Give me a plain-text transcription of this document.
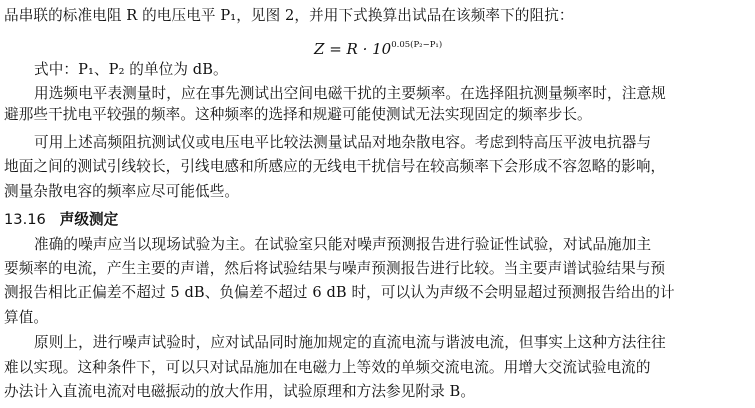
品串联的标准电阻 R 的电压电平 P₁，见图 2，并用下式换算出试品在该频率下的阻抗：
$Z = R \cdot 10^{0.05(P_2-P_1)}$
式中：P₁、P₂ 的单位为 dB。
用选频电平表测量时，应在事先测试出空间电磁干扰的主要频率。在选择阻抗测量频率时，注意规
避那些干扰电平较强的频率。这种频率的选择和规避可能使测试无法实现固定的频率步长。
可用上述高频阻抗测试仪或电压电平比较法测量试品对地杂散电容。考虑到特高压平波电抗器与
地面之间的测试引线较长，引线电感和所感应的无线电干扰信号在较高频率下会形成不容忽略的影响，
测量杂散电容的频率应尽可能低些。
13.16 声级测定
准确的噪声应当以现场试验为主。在试验室只能对噪声预测报告进行验证性试验，对试品施加主
要频率的电流，产生主要的声谱，然后将试验结果与噪声预测报告进行比较。当主要声谱试验结果与预
测报告相比正偏差不超过 5 dB、负偏差不超过 6 dB 时，可以认为声级不会明显超过预测报告给出的计
算值。
原则上，进行噪声试验时，应对试品同时施加规定的直流电流与谐波电流，但事实上这种方法往往
难以实现。这种条件下，可以只对试品施加在电磁力上等效的单频交流电流。用增大交流试验电流的
办法计入直流电流对电磁振动的放大作用，试验原理和方法参见附录 B。
